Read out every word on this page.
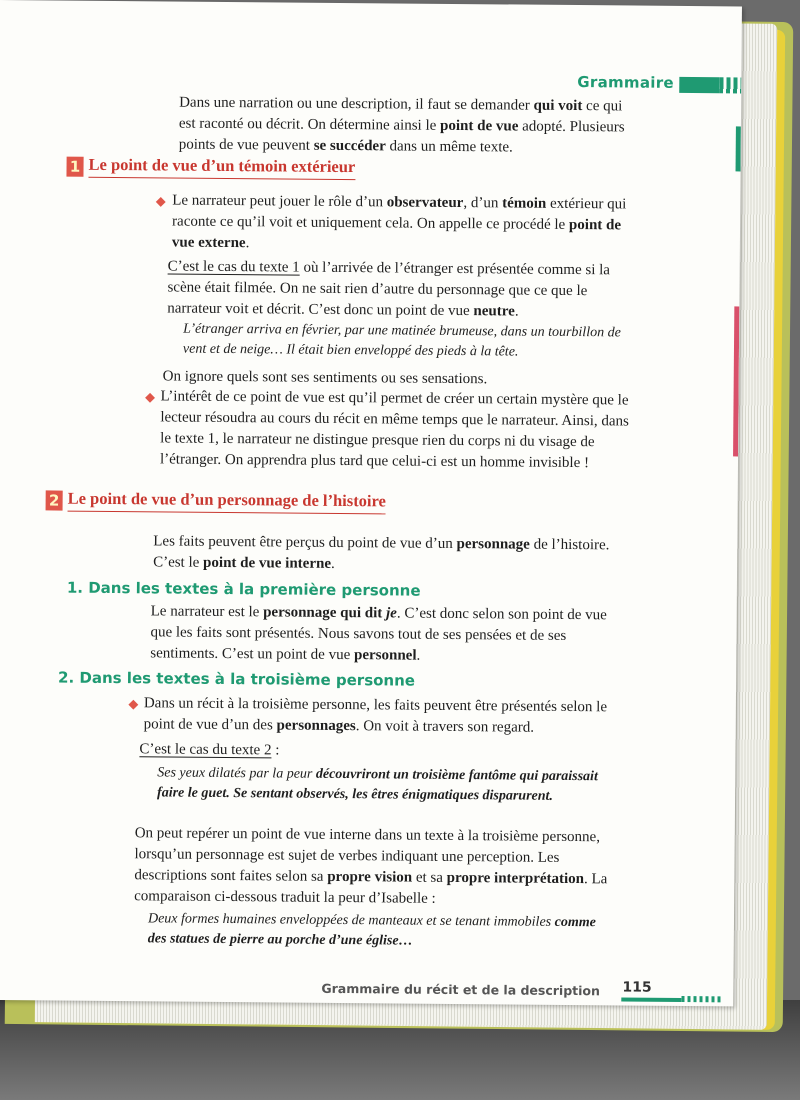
Grammaire
Dans une narration ou une description, il faut se demander qui voit ce qui est raconté ou décrit. On détermine ainsi le point de vue adopté. Plusieurs points de vue peuvent se succéder dans un même texte.
1 Le point de vue d’un témoin extérieur
Le narrateur peut jouer le rôle d’un observateur, d’un témoin extérieur qui raconte ce qu’il voit et uniquement cela. On appelle ce procédé le point de vue externe.
C’est le cas du texte 1 où l’arrivée de l’étranger est présentée comme si la scène était filmée. On ne sait rien d’autre du personnage que ce que le narrateur voit et décrit. C’est donc un point de vue neutre.
L’étranger arriva en février, par une matinée brumeuse, dans un tourbillon de vent et de neige… Il était bien enveloppé des pieds à la tête.
On ignore quels sont ses sentiments ou ses sensations.
L’intérêt de ce point de vue est qu’il permet de créer un certain mystère que le lecteur résoudra au cours du récit en même temps que le narrateur. Ainsi, dans le texte 1, le narrateur ne distingue presque rien du corps ni du visage de l’étranger. On apprendra plus tard que celui-ci est un homme invisible !
2 Le point de vue d’un personnage de l’histoire
Les faits peuvent être perçus du point de vue d’un personnage de l’histoire. C’est le point de vue interne.
1. Dans les textes à la première personne
Le narrateur est le personnage qui dit je. C’est donc selon son point de vue que les faits sont présentés. Nous savons tout de ses pensées et de ses sentiments. C’est un point de vue personnel.
2. Dans les textes à la troisième personne
Dans un récit à la troisième personne, les faits peuvent être présentés selon le point de vue d’un des personnages. On voit à travers son regard.
C’est le cas du texte 2 :
Ses yeux dilatés par la peur découvriront un troisième fantôme qui paraissait faire le guet. Se sentant observés, les êtres énigmatiques disparurent.
On peut repérer un point de vue interne dans un texte à la troisième personne, lorsqu’un personnage est sujet de verbes indiquant une perception. Les descriptions sont faites selon sa propre vision et sa propre interprétation. La comparaison ci-dessous traduit la peur d’Isabelle :
Deux formes humaines enveloppées de manteaux et se tenant immobiles comme des statues de pierre au porche d’une église…
Grammaire du récit et de la description 115
